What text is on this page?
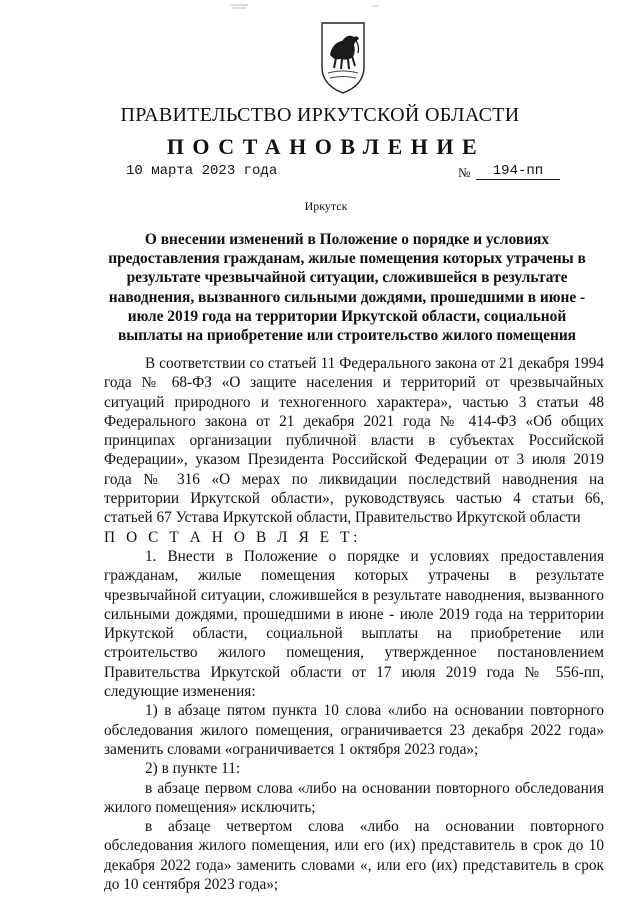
ПРАВИТЕЛЬСТВО ИРКУТСКОЙ ОБЛАСТИ
ПОСТАНОВЛЕНИЕ
10 марта 2023 года	№	194-пп
Иркутск
О внесении изменений в Положение о порядке и условиях предоставления гражданам, жилые помещения которых утрачены в результате чрезвычайной ситуации, сложившейся в результате наводнения, вызванного сильными дождями, прошедшими в июне - июле 2019 года на территории Иркутской области, социальной выплаты на приобретение или строительство жилого помещения

В соответствии со статьей 11 Федерального закона от 21 декабря 1994 года № 68-ФЗ «О защите населения и территорий от чрезвычайных ситуаций природного и техногенного характера», частью 3 статьи 48 Федерального закона от 21 декабря 2021 года № 414-ФЗ «Об общих принципах организации публичной власти в субъектах Российской Федерации», указом Президента Российской Федерации от 3 июля 2019 года № 316 «О мерах по ликвидации последствий наводнения на территории Иркутской области», руководствуясь частью 4 статьи 66, статьей 67 Устава Иркутской области, Правительство Иркутской области

П О С Т А Н О В Л Я Е Т:

1. Внести в Положение о порядке и условиях предоставления гражданам, жилые помещения которых утрачены в результате чрезвычайной ситуации, сложившейся в результате наводнения, вызванного сильными дождями, прошедшими в июне - июле 2019 года на территории Иркутской области, социальной выплаты на приобретение или строительство жилого помещения, утвержденное постановлением Правительства Иркутской области от 17 июля 2019 года № 556-пп, следующие изменения:

1) в абзаце пятом пункта 10 слова «либо на основании повторного обследования жилого помещения, ограничивается 23 декабря 2022 года» заменить словами «ограничивается 1 октября 2023 года»;

2) в пункте 11:

в абзаце первом слова «либо на основании повторного обследования жилого помещения» исключить;

в абзаце четвертом слова «либо на основании повторного обследования жилого помещения, или его (их) представитель в срок до 10 декабря 2022 года» заменить словами «, или его (их) представитель в срок до 10 сентября 2023 года»;
